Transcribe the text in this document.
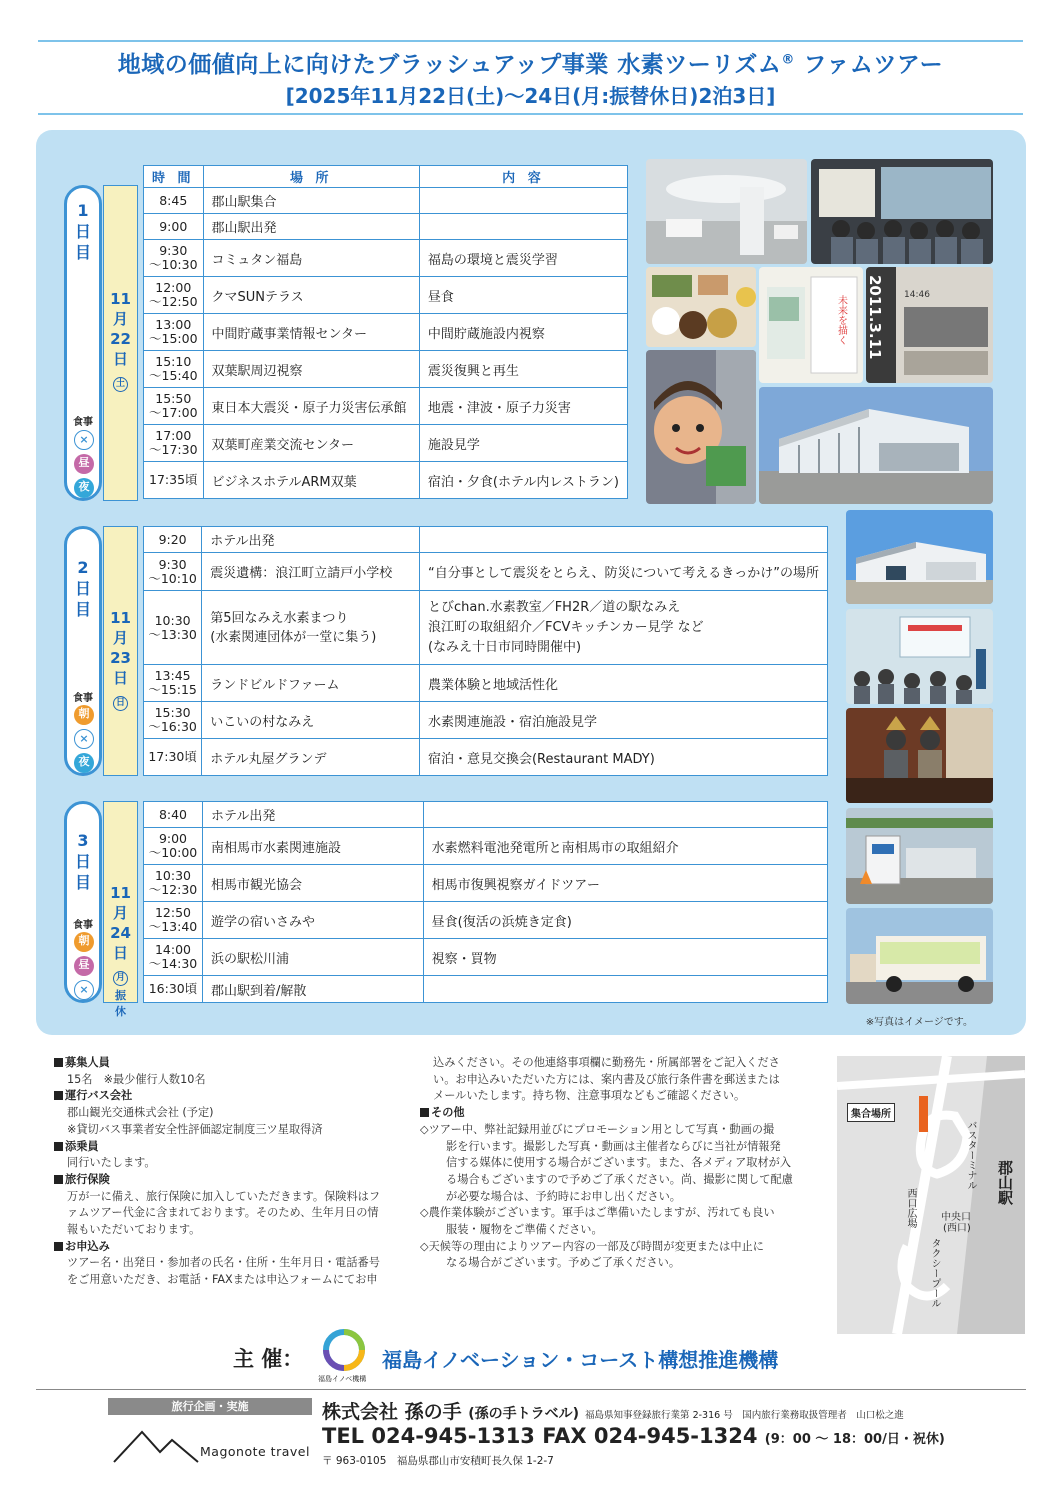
地域の価値向上に向けたブラッシュアップ事業 水素ツーリズム® ファムツアー
[2025年11月22日(土)～24日(月:振替休日)2泊3日]
1
日
目
食事
×
昼
夜
11
月
22
日
土
時 間	場 所	内 容
8:45	郡山駅集合	
9:00	郡山駅出発	
9:30
～10:30	コミュタン福島	福島の環境と震災学習
12:00
～12:50	クマSUNテラス	昼食
13:00
～15:00	中間貯蔵事業情報センター	中間貯蔵施設内視察
15:10
～15:40	双葉駅周辺視察	震災復興と再生
15:50
～17:00	東日本大震災・原子力災害伝承館	地震・津波・原子力災害
17:00
～17:30	双葉町産業交流センター	施設見学
17:35頃	ビジネスホテルARM双葉	宿泊・夕食(ホテル内レストラン)
2
日
目
食事
朝
×
夜
11
月
23
日
日
9:20	ホテル出発	
9:30
～10:10	震災遺構：浪江町立請戸小学校	“自分事として震災をとらえ、防災について考えるきっかけ”の場所
10:30
～13:30	第5回なみえ水素まつり
(水素関連団体が一堂に集う)	とびchan.水素教室／FH2R／道の駅なみえ
浪江町の取組紹介／FCVキッチンカー見学 など
(なみえ十日市同時開催中)
13:45
～15:15	ランドビルドファーム	農業体験と地域活性化
15:30
～16:30	いこいの村なみえ	水素関連施設・宿泊施設見学
17:30頃	ホテル丸屋グランデ	宿泊・意見交換会(Restaurant MADY)
3
日
目
食事
朝
昼
×
11
月
24
日
月
振
休
8:40	ホテル出発	
9:00
～10:00	南相馬市水素関連施設	水素燃料電池発電所と南相馬市の取組紹介
10:30
～12:30	相馬市観光協会	相馬市復興視察ガイドツアー
12:50
～13:40	遊学の宿いさみや	昼食(復活の浜焼き定食)
14:00
～14:30	浜の駅松川浦	視察・買物
16:30頃	郡山駅到着/解散	
未来を描く 2011.3.11 14:46
※写真はイメージです。
募集人員
15名　※最少催行人数10名
運行バス会社
郡山観光交通株式会社 (予定)
※貸切バス事業者安全性評価認定制度三ツ星取得済
添乗員
同行いたします。
旅行保険
万が一に備え、旅行保険に加入していただきます。保険料はフ
ァムツアー代金に含まれております。そのため、生年月日の情
報もいただいております。
お申込み
ツアー名・出発日・参加者の氏名・住所・生年月日・電話番号
をご用意いただき、お電話・FAXまたは申込フォームにてお申
込みください。その他連絡事項欄に勤務先・所属部署をご記入くださ
い。お申込みいただいた方には、案内書及び旅行条件書を郵送または
メールいたします。持ち物、注意事項などもご確認ください。
その他
◇ツアー中、弊社記録用並びにプロモーション用として写真・動画の撮
影を行います。撮影した写真・動画は主催者ならびに当社が情報発
信する媒体に使用する場合がございます。また、各メディア取材が入
る場合もございますので予めご了承ください。尚、撮影に関して配慮
が必要な場合は、予約時にお申し出ください。
◇農作業体験がございます。軍手はご準備いたしますが、汚れても良い
服装・履物をご準備ください。
◇天候等の理由によりツアー内容の一部及び時間が変更または中止に
なる場合がございます。予めご了承ください。
集合場所
バスターミナル 郡山駅
西口広場	中央口
(西口)
タクシープール
主 催：
福島イノベ機構
福島イノベーション・コースト構想推進機構
旅行企画・実施
Magonote travel
株式会社 孫の手 (孫の手トラベル) 福島県知事登録旅行業第 2-316 号　国内旅行業務取扱管理者　山口松之進
TEL 024-945-1313 FAX 024-945-1324 (9：00 ～ 18：00/日・祝休)
〒 963-0105　福島県郡山市安積町長久保 1-2-7
